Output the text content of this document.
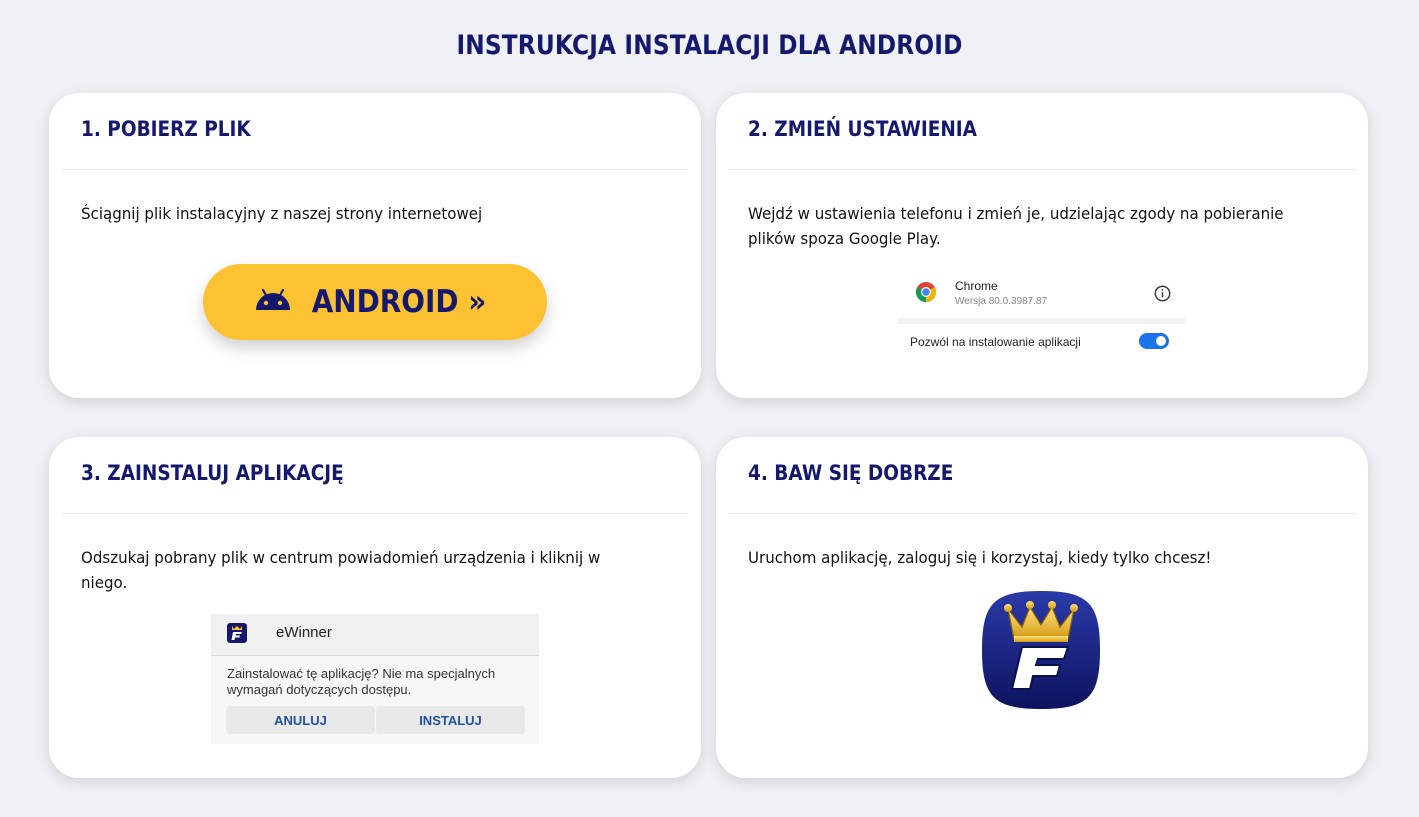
INSTRUKCJA INSTALACJI DLA ANDROID
1. POBIERZ PLIK

Ściągnij plik instalacyjny z naszej strony internetowej

ANDROID »
2. ZMIEŃ USTAWIENIA

Wejdź w ustawienia telefonu i zmień je, udzielając zgody na pobieranie plików spoza Google Play.

Chrome
Wersja 80.0.3987.87
Pozwól na instalowanie aplikacji
3. ZAINSTALUJ APLIKACJĘ

Odszukaj pobrany plik w centrum powiadomień urządzenia i kliknij w niego.

eWinner
Zainstalować tę aplikację? Nie ma specjalnych wymagań dotyczących dostępu.
ANULUJ	INSTALUJ
4. BAW SIĘ DOBRZE

Uruchom aplikację, zaloguj się i korzystaj, kiedy tylko chcesz!
